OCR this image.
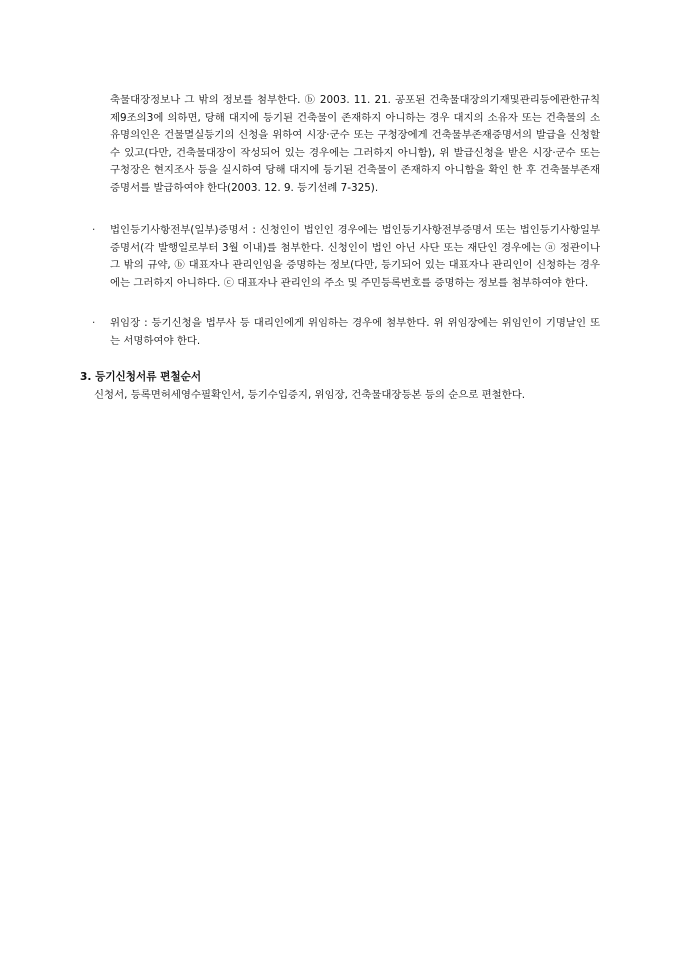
축물대장정보나 그 밖의 정보를 첨부한다. ⓑ 2003. 11. 21. 공포된 건축물대장의기재및관리등에관한규칙 제9조의3에 의하면, 당해 대지에 등기된 건축물이 존재하지 아니하는 경우 대지의 소유자 또는 건축물의 소유명의인은 건물멸실등기의 신청을 위하여 시장·군수 또는 구청장에게 건축물부존재증명서의 발급을 신청할 수 있고(다만, 건축물대장이 작성되어 있는 경우에는 그러하지 아니함), 위 발급신청을 받은 시장·군수 또는 구청장은 현지조사 등을 실시하여 당해 대지에 등기된 건축물이 존재하지 아니함을 확인 한 후 건축물부존재증명서를 발급하여야 한다(2003. 12. 9. 등기선례 7-325).
·	법인등기사항전부(일부)증명서 : 신청인이 법인인 경우에는 법인등기사항전부증명서 또는 법인등기사항일부증명서(각 발행일로부터 3월 이내)를 첨부한다. 신청인이 법인 아닌 사단 또는 재단인 경우에는 ⓐ 정관이나 그 밖의 규약, ⓑ 대표자나 관리인임을 증명하는 정보(다만, 등기되어 있는 대표자나 관리인이 신청하는 경우에는 그러하지 아니하다. ⓒ 대표자나 관리인의 주소 및 주민등록번호를 증명하는 정보를 첨부하여야 한다.
·	위임장 : 등기신청을 법무사 등 대리인에게 위임하는 경우에 첨부한다. 위 위임장에는 위임인이 기명날인 또는 서명하여야 한다.
3. 등기신청서류 편철순서
신청서, 등록면허세영수필확인서, 등기수입증지, 위임장, 건축물대장등본 등의 순으로 편철한다.
